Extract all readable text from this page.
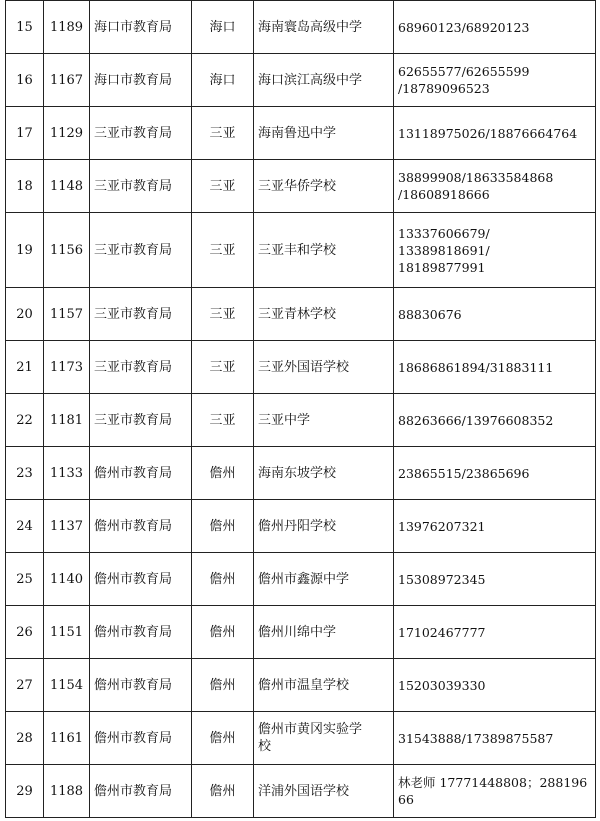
15	1189	海口市教育局	海口	海南寰岛高级中学	68960123/68920123
16	1167	海口市教育局	海口	海口滨江高级中学	62655577/62655599
/18789096523
17	1129	三亚市教育局	三亚	海南鲁迅中学	13118975026/18876664764
18	1148	三亚市教育局	三亚	三亚华侨学校	38899908/18633584868
/18608918666
19	1156	三亚市教育局	三亚	三亚丰和学校	13337606679/
13389818691/
18189877991
20	1157	三亚市教育局	三亚	三亚青林学校	88830676
21	1173	三亚市教育局	三亚	三亚外国语学校	18686861894/31883111
22	1181	三亚市教育局	三亚	三亚中学	88263666/13976608352
23	1133	儋州市教育局	儋州	海南东坡学校	23865515/23865696
24	1137	儋州市教育局	儋州	儋州丹阳学校	13976207321
25	1140	儋州市教育局	儋州	儋州市鑫源中学	15308972345
26	1151	儋州市教育局	儋州	儋州川绵中学	17102467777
27	1154	儋州市教育局	儋州	儋州市温皇学校	15203039330
28	1161	儋州市教育局	儋州	儋州市黄冈实验学
校	31543888/17389875587
29	1188	儋州市教育局	儋州	洋浦外国语学校	林老师 17771448808；28819666
